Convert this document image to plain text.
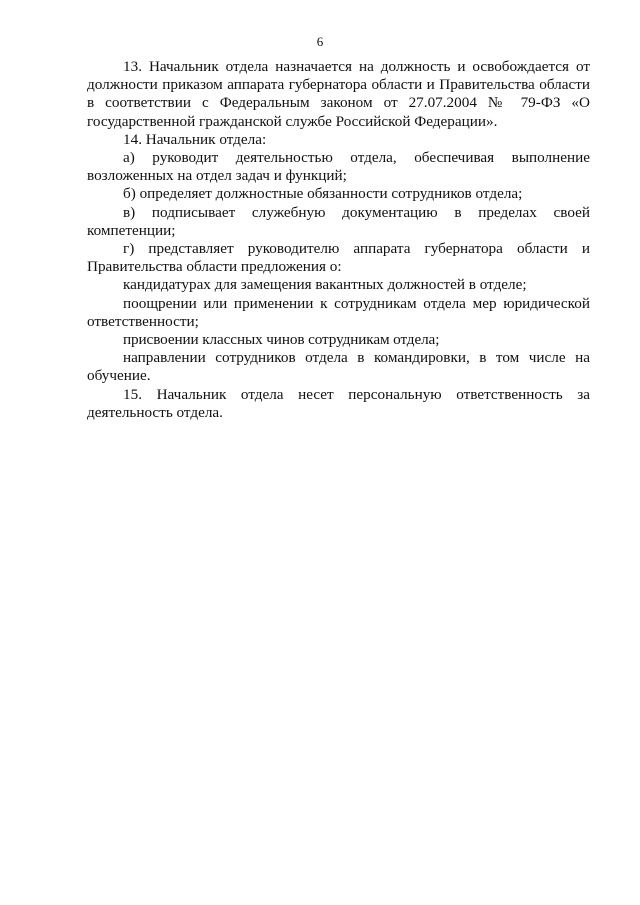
6

13. Начальник отдела назначается на должность и освобождается от должности приказом аппарата губернатора области и Правительства области в соответствии с Федеральным законом от 27.07.2004 № 79-ФЗ «О государственной гражданской службе Российской Федерации».

14. Начальник отдела:

а) руководит деятельностью отдела, обеспечивая выполнение возложенных на отдел задач и функций;

б) определяет должностные обязанности сотрудников отдела;

в) подписывает служебную документацию в пределах своей компетенции;

г) представляет руководителю аппарата губернатора области и Правительства области предложения о:

кандидатурах для замещения вакантных должностей в отделе;

поощрении или применении к сотрудникам отдела мер юридической ответственности;

присвоении классных чинов сотрудникам отдела;

направлении сотрудников отдела в командировки, в том числе на обучение.

15. Начальник отдела несет персональную ответственность за деятельность отдела.
